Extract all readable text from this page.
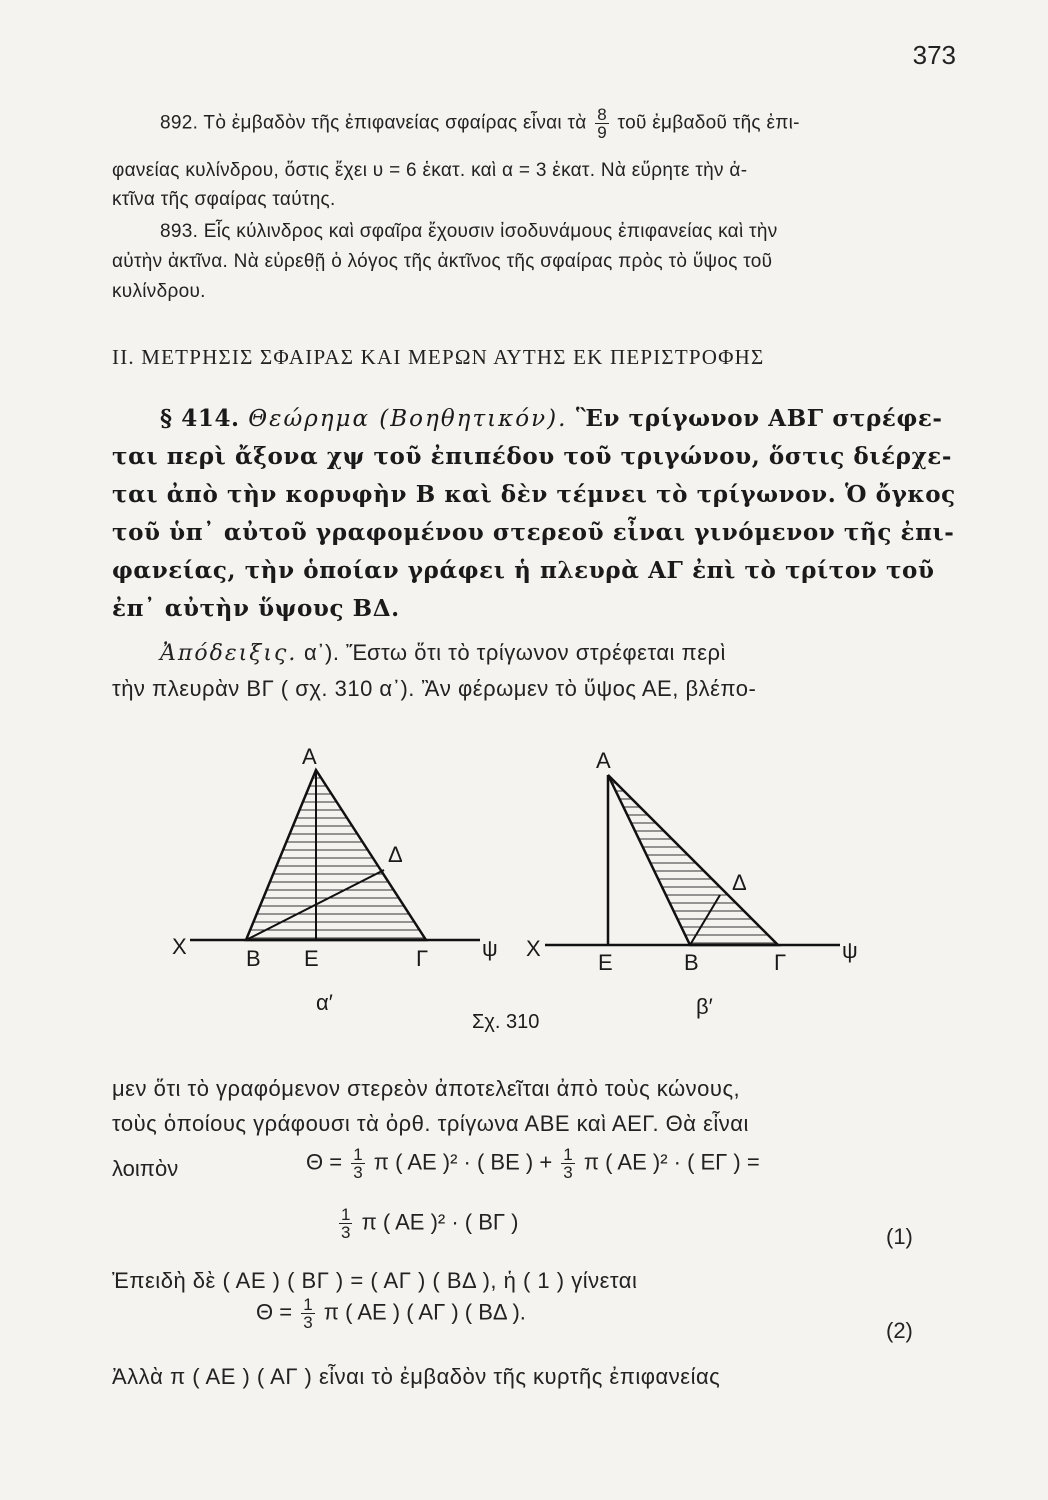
373
892. Τὸ ἐμβαδὸν τῆς ἐπιφανείας σφαίρας εἶναι τὰ $\frac{8}{9}$ τοῦ ἐμβαδοῦ τῆς ἐπι-
φανείας κυλίνδρου, ὅστις ἔχει υ = 6 ἑκατ. καὶ α = 3 ἑκατ. Νὰ εὕρητε τὴν ἀ-
κτῖνα τῆς σφαίρας ταύτης.
893. Εἷς κύλινδρος καὶ σφαῖρα ἔχουσιν ἰσοδυνάμους ἐπιφανείας καὶ τὴν
αὐτὴν ἀκτῖνα. Νὰ εὑρεθῇ ὁ λόγος τῆς ἀκτῖνος τῆς σφαίρας πρὸς τὸ ὕψος τοῦ
κυλίνδρου.
ΙΙ. ΜΕΤΡΗΣΙΣ ΣΦΑΙΡΑΣ ΚΑΙ ΜΕΡΩΝ ΑΥΤΗΣ ΕΚ ΠΕΡΙΣΤΡΟΦΗΣ
§ 414. Θεώρημα (Βοηθητικόν). Ἓν τρίγωνον ΑΒΓ στρέφε-
ται περὶ ἄξονα χψ τοῦ ἐπιπέδου τοῦ τριγώνου, ὅστις διέρχε-
ται ἀπὸ τὴν κορυφὴν Β καὶ δὲν τέμνει τὸ τρίγωνον. Ὁ ὄγκος
τοῦ ὑπ᾽ αὐτοῦ γραφομένου στερεοῦ εἶναι γινόμενον τῆς ἐπι-
φανείας, τὴν ὁποίαν γράφει ἡ πλευρὰ ΑΓ ἐπὶ τὸ τρίτον τοῦ
ἐπ᾽ αὐτὴν ὕψους ΒΔ.
Ἀπόδειξις. α᾽). Ἔστω ὅτι τὸ τρίγωνον στρέφεται περὶ
τὴν πλευρὰν ΒΓ ( σχ. 310 α᾽). Ἂν φέρωμεν τὸ ὕψος ΑΕ, βλέπο-
Α
Δ
Χ	Β Ε	Γ ψ
α′
Α
Δ
Χ
Ε	Β	Γ	ψ
β′
Σχ. 310
μεν ὅτι τὸ γραφόμενον στερεὸν ἀποτελεῖται ἀπὸ τοὺς κώνους,
τοὺς ὁποίους γράφουσι τὰ ὀρθ. τρίγωνα ΑΒΕ καὶ ΑΕΓ. Θὰ εἶναι
λοιπὸν	$\Theta = \frac{1}{3}$ π ( ΑΕ )² · ( ΒΕ ) + $\frac{1}{3}$ π ( ΑΕ )² · ( ΕΓ ) =
$\frac{1}{3}$ π ( ΑΕ )² · ( ΒΓ )
(1)
Ἐπειδὴ δὲ ( ΑΕ ) ( ΒΓ ) = ( ΑΓ ) ( ΒΔ ), ἡ ( 1 ) γίνεται
$\Theta = \frac{1}{3}$ π ( ΑΕ ) ( ΑΓ ) ( ΒΔ ).
(2)
Ἀλλὰ π ( ΑΕ ) ( ΑΓ ) εἶναι τὸ ἐμβαδὸν τῆς κυρτῆς ἐπιφανείας
